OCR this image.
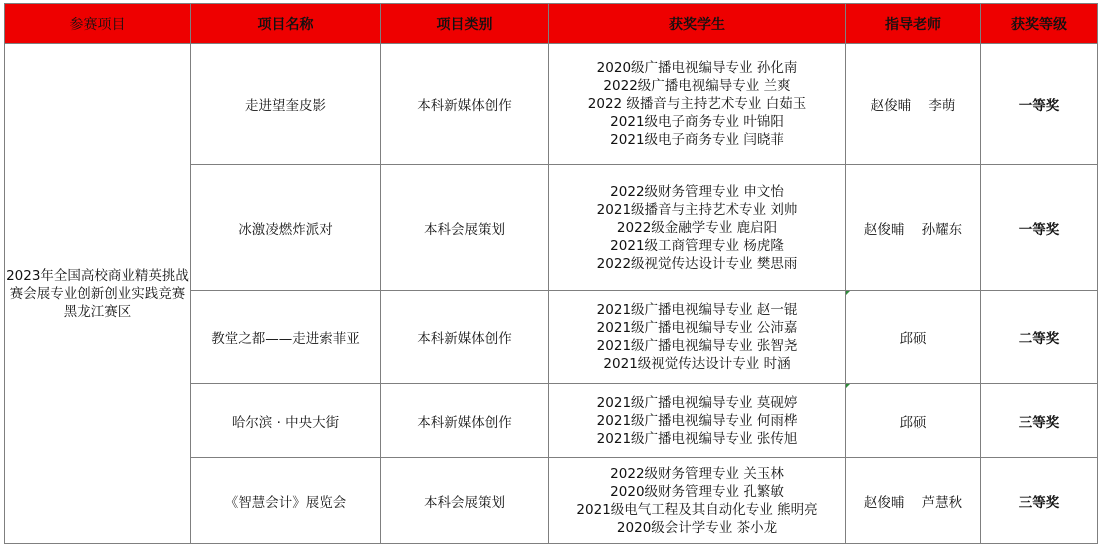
参赛项目	项目名称	项目类别	获奖学生	指导老师	获奖等级
2023年全国高校商业精英挑战赛会展专业创新创业实践竞赛黑龙江赛区	走进望奎皮影	本科新媒体创作	2020级广播电视编导专业 孙化南
2022级广播电视编导专业 兰爽
2022 级播音与主持艺术专业 白茹玉
2021级电子商务专业 叶锦阳
2021级电子商务专业 闫晓菲	赵俊晡    李萌	一等奖
	冰激凌燃炸派对	本科会展策划	2022级财务管理专业 申文怡
2021级播音与主持艺术专业 刘帅
2022级金融学专业 鹿启阳
2021级工商管理专业 杨虎隆
2022级视觉传达设计专业 樊思雨	赵俊晡    孙耀东	一等奖
	教堂之都——走进索菲亚	本科新媒体创作	2021级广播电视编导专业 赵一锟
2021级广播电视编导专业 公沛嘉
2021级广播电视编导专业 张智尧
2021级视觉传达设计专业 时涵	邱硕	二等奖
	哈尔滨 · 中央大街	本科新媒体创作	2021级广播电视编导专业 莫砚婷
2021级广播电视编导专业 何雨桦
2021级广播电视编导专业 张传旭	邱硕	三等奖
	《智慧会计》展览会	本科会展策划	2022级财务管理专业 关玉林
2020级财务管理专业 孔繁敏
2021级电气工程及其自动化专业 熊明亮
2020级会计学专业 茶小龙	赵俊晡    芦慧秋	三等奖
